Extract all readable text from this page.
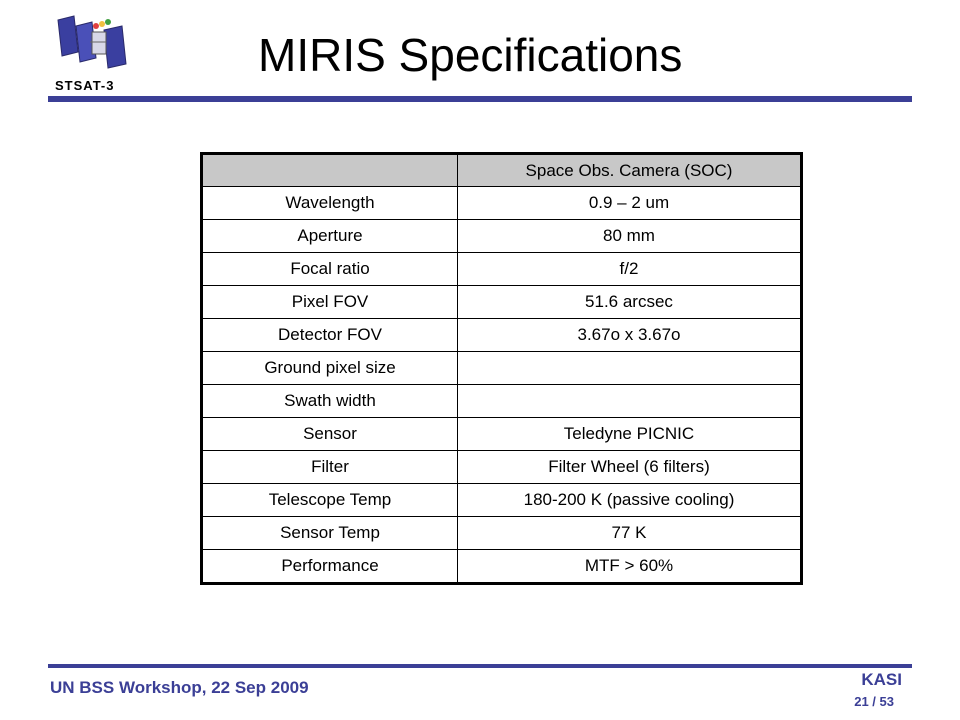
STSAT-3
MIRIS Specifications
	Space Obs. Camera (SOC)
Wavelength	0.9 – 2 um
Aperture	80 mm
Focal ratio	f/2
Pixel FOV	51.6 arcsec
Detector FOV	3.67o x 3.67o
Ground pixel size	
Swath width	
Sensor	Teledyne PICNIC
Filter	Filter Wheel (6 filters)
Telescope Temp	180-200 K (passive cooling)
Sensor Temp	77 K
Performance	MTF > 60%
UN BSS Workshop, 22 Sep 2009	KASI
21 / 53
